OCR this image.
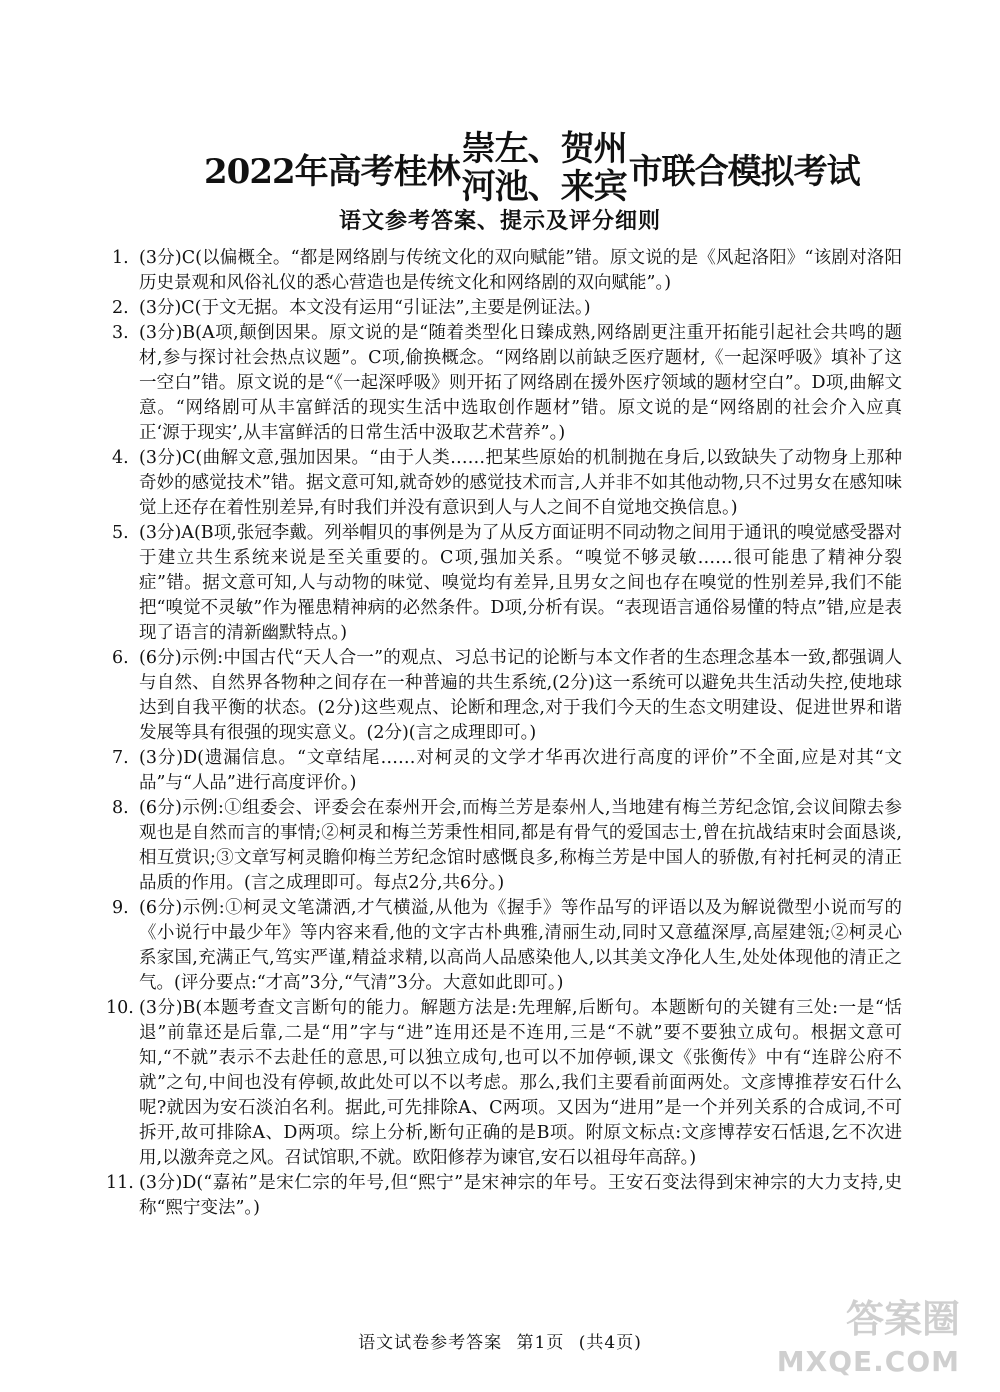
2022年高考桂林
崇左、贺州
河池、来宾 市联合模拟考试
语文参考答案、提示及评分细则
1. (3分)C(以偏概全。“都是网络剧与传统文化的双向赋能”错。原文说的是《风起洛阳》“该剧对洛阳历史景观和风俗礼仪的悉心营造也是传统文化和网络剧的双向赋能”。)
2. (3分)C(于文无据。本文没有运用“引证法”,主要是例证法。)
3. (3分)B(A项,颠倒因果。原文说的是“随着类型化日臻成熟,网络剧更注重开拓能引起社会共鸣的题材,参与探讨社会热点议题”。C项,偷换概念。“网络剧以前缺乏医疗题材,《一起深呼吸》填补了这一空白”错。原文说的是“《一起深呼吸》则开拓了网络剧在援外医疗领域的题材空白”。D项,曲解文意。“网络剧可从丰富鲜活的现实生活中选取创作题材”错。原文说的是“网络剧的社会介入应真正‘源于现实’,从丰富鲜活的日常生活中汲取艺术营养”。)
4. (3分)C(曲解文意,强加因果。“由于人类……把某些原始的机制抛在身后,以致缺失了动物身上那种奇妙的感觉技术”错。据文意可知,就奇妙的感觉技术而言,人并非不如其他动物,只不过男女在感知味觉上还存在着性别差异,有时我们并没有意识到人与人之间不自觉地交换信息。)
5. (3分)A(B项,张冠李戴。列举帽贝的事例是为了从反方面证明不同动物之间用于通讯的嗅觉感受器对于建立共生系统来说是至关重要的。C项,强加关系。“嗅觉不够灵敏……很可能患了精神分裂症”错。据文意可知,人与动物的味觉、嗅觉均有差异,且男女之间也存在嗅觉的性别差异,我们不能把“嗅觉不灵敏”作为罹患精神病的必然条件。D项,分析有误。“表现语言通俗易懂的特点”错,应是表现了语言的清新幽默特点。)
6. (6分)示例:中国古代“天人合一”的观点、习总书记的论断与本文作者的生态理念基本一致,都强调人与自然、自然界各物种之间存在一种普遍的共生系统,(2分)这一系统可以避免共生活动失控,使地球达到自我平衡的状态。(2分)这些观点、论断和理念,对于我们今天的生态文明建设、促进世界和谐发展等具有很强的现实意义。(2分)(言之成理即可。)
7. (3分)D(遗漏信息。“文章结尾……对柯灵的文学才华再次进行高度的评价”不全面,应是对其“文品”与“人品”进行高度评价。)
8. (6分)示例:①组委会、评委会在泰州开会,而梅兰芳是泰州人,当地建有梅兰芳纪念馆,会议间隙去参观也是自然而言的事情;②柯灵和梅兰芳秉性相同,都是有骨气的爱国志士,曾在抗战结束时会面恳谈,相互赏识;③文章写柯灵瞻仰梅兰芳纪念馆时感慨良多,称梅兰芳是中国人的骄傲,有衬托柯灵的清正品质的作用。(言之成理即可。每点2分,共6分。)
9. (6分)示例:①柯灵文笔潇洒,才气横溢,从他为《握手》等作品写的评语以及为解说微型小说而写的《小说行中最少年》等内容来看,他的文字古朴典雅,清丽生动,同时又意蕴深厚,高屋建瓴;②柯灵心系家国,充满正气,笃实严谨,精益求精,以高尚人品感染他人,以其美文净化人生,处处体现他的清正之气。(评分要点:“才高”3分,“气清”3分。大意如此即可。)
10. (3分)B(本题考查文言断句的能力。解题方法是:先理解,后断句。本题断句的关键有三处:一是“恬退”前靠还是后靠,二是“用”字与“进”连用还是不连用,三是“不就”要不要独立成句。根据文意可知,“不就”表示不去赴任的意思,可以独立成句,也可以不加停顿,课文《张衡传》中有“连辟公府不就”之句,中间也没有停顿,故此处可以不以考虑。那么,我们主要看前面两处。文彦博推荐安石什么呢?就因为安石淡泊名利。据此,可先排除A、C两项。又因为“进用”是一个并列关系的合成词,不可拆开,故可排除A、D两项。综上分析,断句正确的是B项。附原文标点:文彦博荐安石恬退,乞不次进用,以激奔竞之风。召试馆职,不就。欧阳修荐为谏官,安石以祖母年高辞。)
11. (3分)D(“嘉祐”是宋仁宗的年号,但“熙宁”是宋神宗的年号。王安石变法得到宋神宗的大力支持,史称“熙宁变法”。)
语文试卷参考答案 第1页 (共4页)
答案圈
MXQE.COM
